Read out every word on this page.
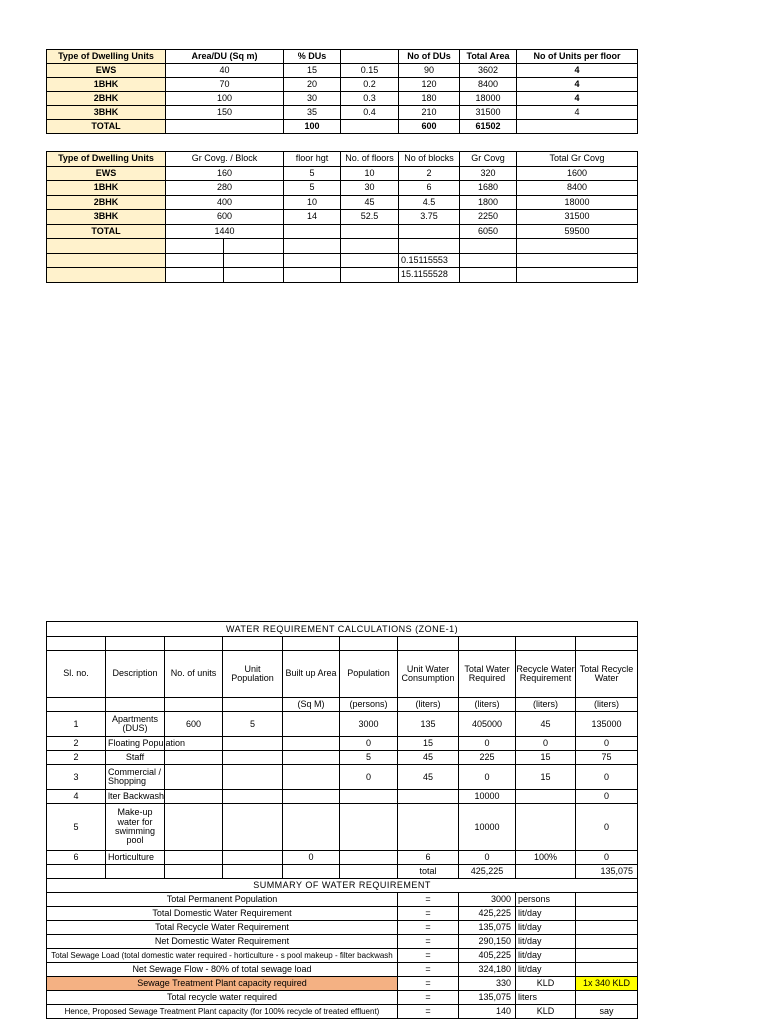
Type of Dwelling Units	Area/DU (Sq m)	% DUs		No of DUs	Total Area	No of Units per floor
EWS	40	15	0.15	90	3602	4
1BHK	70	20	0.2	120	8400	4
2BHK	100	30	0.3	180	18000	4
3BHK	150	35	0.4	210	31500	4
TOTAL		100		600	61502	
Type of Dwelling Units	Gr Covg. / Block		floor hgt	No. of floors	No of blocks	Gr Covg	Total Gr Covg
EWS	160		5	10	2	320	1600
1BHK	280		5	30	6	1680	8400
2BHK	400		10	45	4.5	1800	18000
3BHK	600		14	52.5	3.75	2250	31500
TOTAL	1440					6050	59500

					0.15115553		
					15.1155528		
WATER REQUIREMENT CALCULATIONS (ZONE-1)									

Sl. no.	Description	No. of units	Unit Population	Built up Area	Population	Unit Water Consumption	Total Water Required	Recycle Water Requirement	Total Recycle Water
				(Sq M)	(persons)	(liters)	(liters)	(liters)	(liters)
1	Apartments (DUS)	600	5		3000	135	405000	45	135000
2	Floating Population				0	15	0	0	0
2	Staff				5	45	225	15	75
3	Commercial / Shopping				0	45	0	15	0
4	lter Backwash						10000		0
5	Make-up water for swimming pool						10000		0
6	Horticulture			0		6	0	100%	0
						total	425,225		135,075
SUMMARY OF WATER REQUIREMENT									
Total Permanent Population						=	3000	persons	
Total Domestic Water Requirement						=	425,225	lit/day	
Total Recycle Water Requirement						=	135,075	lit/day	
Net Domestic Water Requirement						=	290,150	lit/day	
Total Sewage Load (total domestic water required - horticulture - s pool makeup - filter backwash						=	405,225	lit/day	
Net Sewage Flow - 80% of total sewage load						=	324,180	lit/day	
Sewage Treatment Plant capacity required						=	330	KLD	1x 340 KLD
Total recycle water required						=	135,075	liters	
Hence, Proposed Sewage Treatment Plant capacity (for 100% recycle of treated effluent)						=	140	KLD	say
